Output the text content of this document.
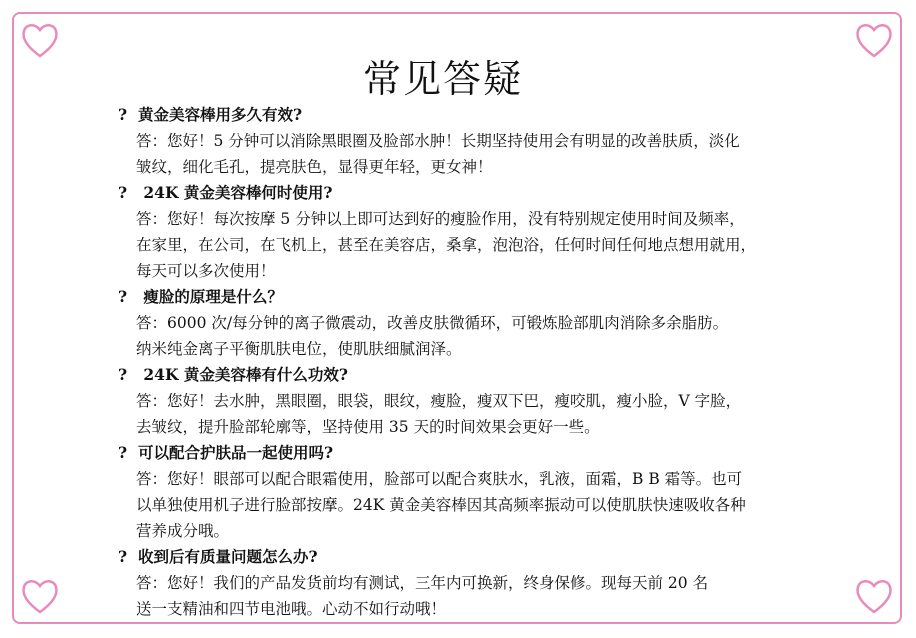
常见答疑
? 黄金美容棒用多久有效?
答：您好！5 分钟可以消除黑眼圈及脸部水肿！长期坚持使用会有明显的改善肤质，淡化
皱纹，细化毛孔，提亮肤色，显得更年轻，更女神！
? 24K 黄金美容棒何时使用?
答：您好！每次按摩 5 分钟以上即可达到好的瘦脸作用，没有特别规定使用时间及频率，
在家里，在公司，在飞机上，甚至在美容店，桑拿，泡泡浴，任何时间任何地点想用就用，
每天可以多次使用！
? 瘦脸的原理是什么？
答：6000 次/每分钟的离子微震动，改善皮肤微循环，可锻炼脸部肌肉消除多余脂肪。
纳米纯金离子平衡肌肤电位，使肌肤细腻润泽。
? 24K 黄金美容棒有什么功效?
答：您好！去水肿，黑眼圈，眼袋，眼纹，瘦脸，瘦双下巴，瘦咬肌，瘦小脸，V 字脸，
去皱纹，提升脸部轮廓等，坚持使用 35 天的时间效果会更好一些。
? 可以配合护肤品一起使用吗?
答：您好！眼部可以配合眼霜使用，脸部可以配合爽肤水，乳液，面霜，B B 霜等。也可
以单独使用机子进行脸部按摩。24K 黄金美容棒因其高频率振动可以使肌肤快速吸收各种
营养成分哦。
? 收到后有质量问题怎么办?
答：您好！我们的产品发货前均有测试，三年内可换新，终身保修。现每天前 20 名
送一支精油和四节电池哦。心动不如行动哦！
